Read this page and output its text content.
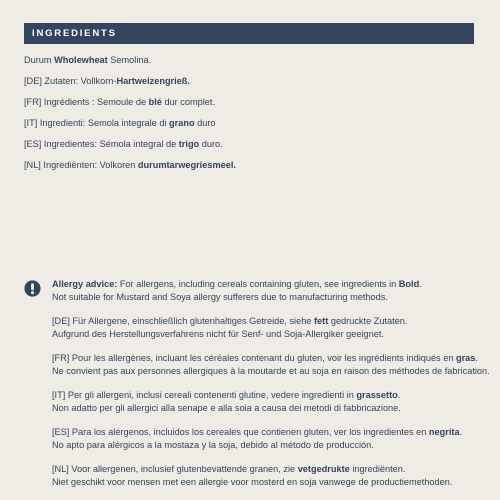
INGREDIENTS
Durum Wholewheat Semolina.
[DE] Zutaten: Vollkorn-Hartweizengrieß.
[FR] Ingrédients : Semoule de blé dur complet.
[IT] Ingredienti: Semola integrale di grano duro
[ES] Ingredientes: Sémola integral de trigo duro.
[NL] Ingrediënten: Volkoren durumtarwegriesmeel.
Allergy advice: For allergens, including cereals containing gluten, see ingredients in Bold.
Not suitable for Mustard and Soya allergy sufferers due to manufacturing methods.
[DE] Für Allergene, einschließlich glutenhaltiges Getreide, siehe fett gedruckte Zutaten.
Aufgrund des Herstellungsverfahrens nicht für Senf- und Soja-Allergiker geeignet.
[FR] Pour les allergènes, incluant les céréales contenant du gluten, voir les ingrédients indiqués en gras.
Ne convient pas aux personnes allergiques à la moutarde et au soja en raison des méthodes de fabrication.
[IT] Per gli allergeni, inclusi cereali contenenti glutine, vedere ingredienti in grassetto.
Non adatto per gli allergici alla senape e alla soia a causa dei metodi di fabbricazione.
[ES] Para los alérgenos, incluidos los cereales que contienen gluten, ver los ingredientes en negrita.
No apto para alérgicos a la mostaza y la soja, debido al método de producción.
[NL] Voor allergenen, inclusief glutenbevattende granen, zie vetgedrukte ingrediënten.
Niet geschikt voor mensen met een allergie voor mosterd en soja vanwege de productiemethoden.
